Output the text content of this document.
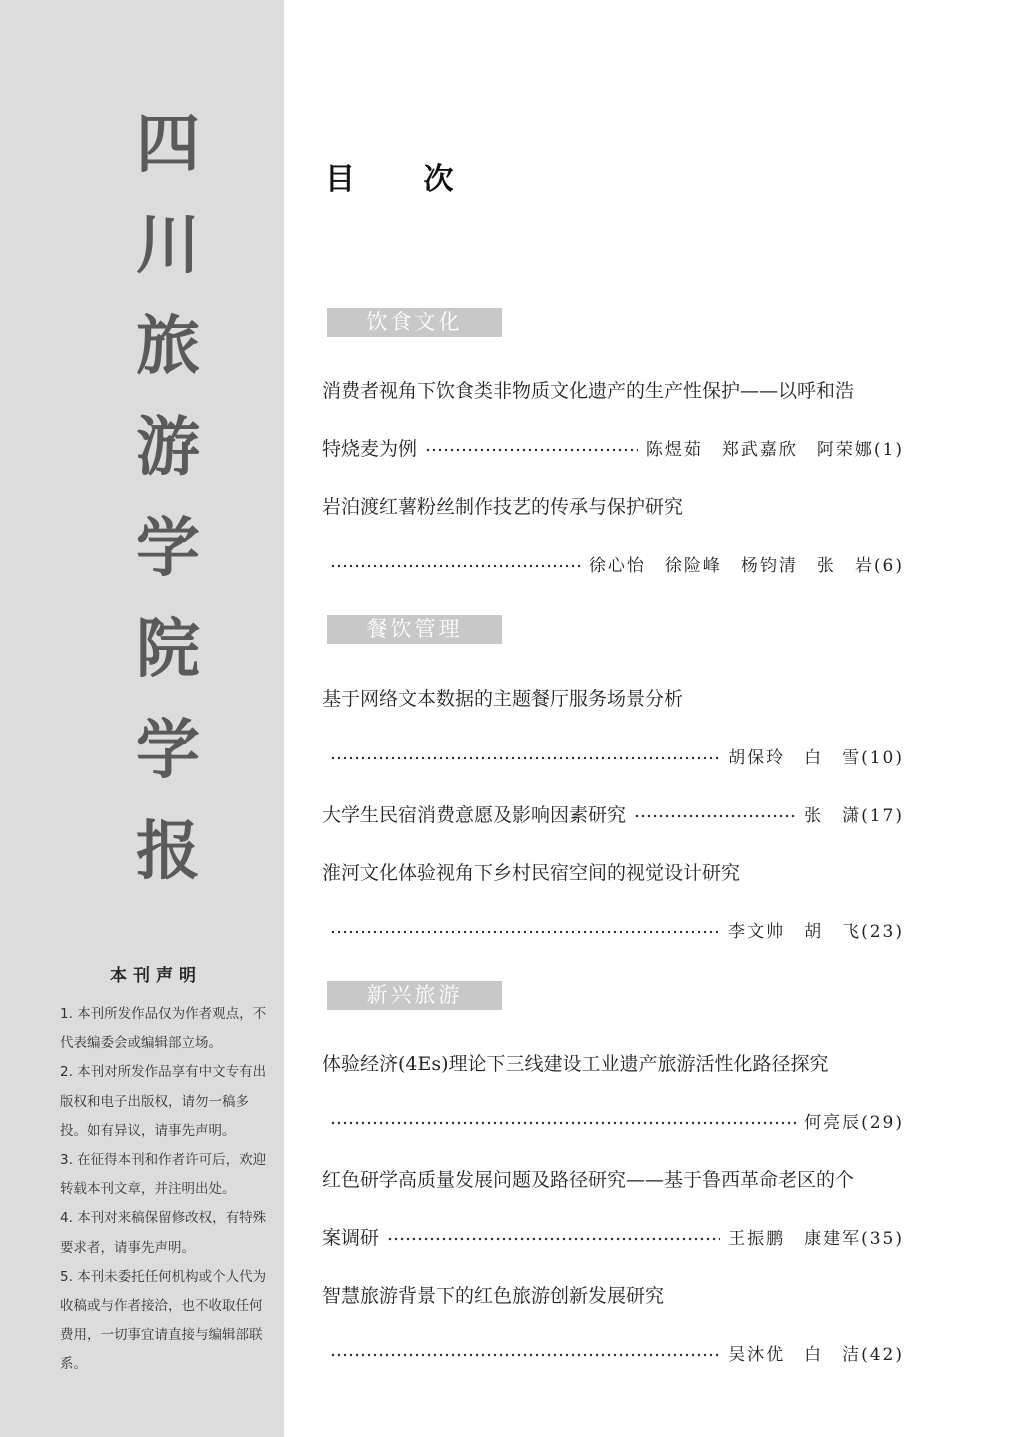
四
川
旅
游
学
院
学
报
本刊声明

1. 本刊所发作品仅为作者观点，不代表编委会或编辑部立场。

2. 本刊对所发作品享有中文专有出版权和电子出版权，请勿一稿多投。如有异议，请事先声明。

3. 在征得本刊和作者许可后，欢迎转载本刊文章，并注明出处。

4. 本刊对来稿保留修改权，有特殊要求者，请事先声明。

5. 本刊未委托任何机构或个人代为收稿或与作者接洽，也不收取任何费用，一切事宜请直接与编辑部联系。

目 次
饮食文化
消费者视角下饮食类非物质文化遗产的生产性保护——以呼和浩
特烧麦为例	陈煜茹　郑武嘉欣　阿荣娜(1)
岩泊渡红薯粉丝制作技艺的传承与保护研究
徐心怡　徐险峰　杨钧清　张　岩(6)
餐饮管理
基于网络文本数据的主题餐厅服务场景分析
胡保玲　白　雪(10)
大学生民宿消费意愿及影响因素研究	张　潇(17)
淮河文化体验视角下乡村民宿空间的视觉设计研究
李文帅　胡　飞(23)
新兴旅游
体验经济(4Es)理论下三线建设工业遗产旅游活性化路径探究
何亮辰(29)
红色研学高质量发展问题及路径研究——基于鲁西革命老区的个
案调研	王振鹏　康建军(35)
智慧旅游背景下的红色旅游创新发展研究
吴沐优　白　洁(42)
